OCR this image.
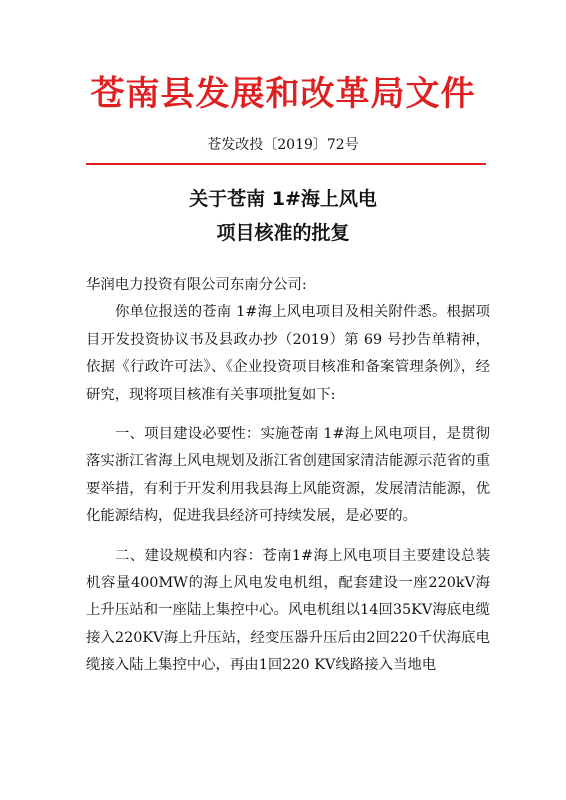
苍南县发展和改革局文件
苍发改投〔2019〕72号
关于苍南 1#海上风电
项目核准的批复

华润电力投资有限公司东南分公司:

你单位报送的苍南 1#海上风电项目及相关附件悉。根据项目开发投资协议书及县政办抄（2019）第 69 号抄告单精神，依据《行政许可法》、《企业投资项目核准和备案管理条例》，经研究，现将项目核准有关事项批复如下:

一、项目建设必要性：实施苍南 1#海上风电项目，是贯彻落实浙江省海上风电规划及浙江省创建国家清洁能源示范省的重要举措，有利于开发利用我县海上风能资源，发展清洁能源，优化能源结构，促进我县经济可持续发展，是必要的。

二、建设规模和内容：苍南1#海上风电项目主要建设总装机容量400MW的海上风电发电机组，配套建设一座220kV海上升压站和一座陆上集控中心。风电机组以14回35KV海底电缆接入220KV海上升压站，经变压器升压后由2回220千伏海底电缆接入陆上集控中心，再由1回220 KV线路接入当地电
